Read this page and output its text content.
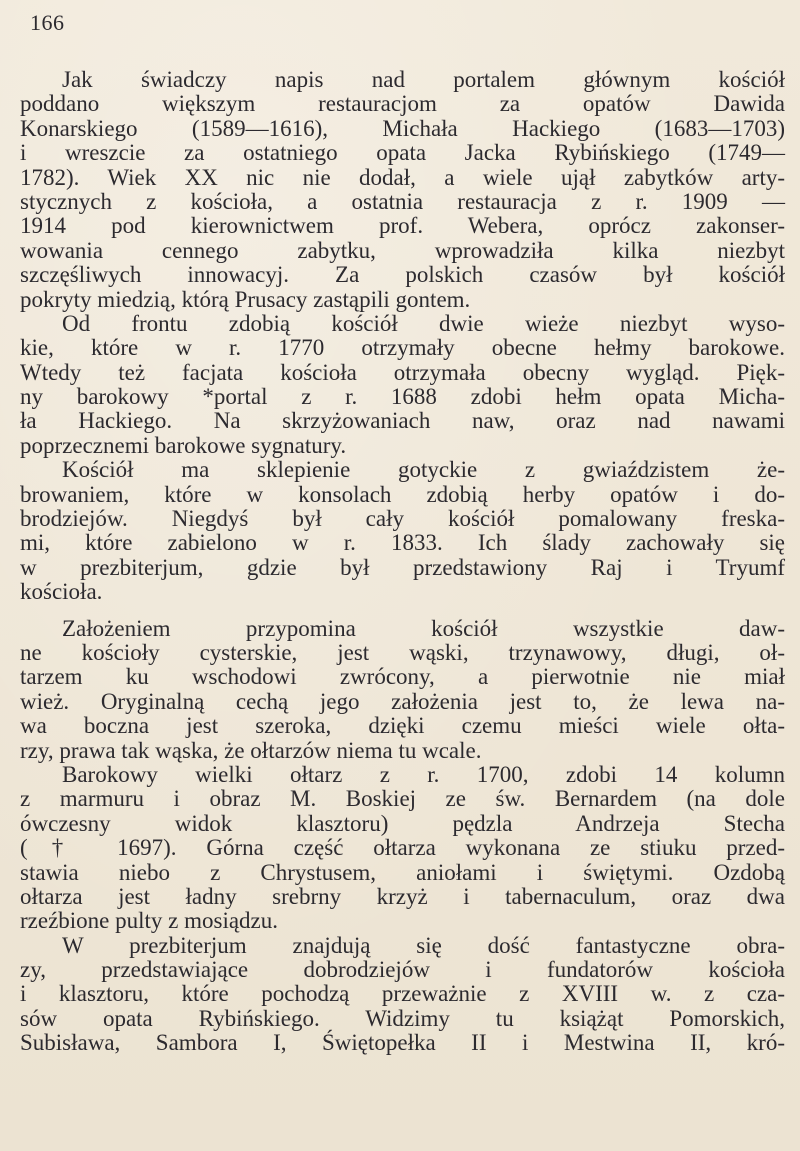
166
Jak świadczy napis nad portalem głównym kościół
poddano większym restauracjom za opatów Dawida
Konarskiego (1589—1616), Michała Hackiego (1683—1703)
i wreszcie za ostatniego opata Jacka Rybińskiego (1749—
1782). Wiek XX nic nie dodał, a wiele ujął zabytków arty-
stycznych z kościoła, a ostatnia restauracja z r. 1909 —
1914 pod kierownictwem prof. Webera, oprócz zakonser-
wowania cennego zabytku, wprowadziła kilka niezbyt
szczęśliwych innowacyj. Za polskich czasów był kościół
pokryty miedzią, którą Prusacy zastąpili gontem.
Od frontu zdobią kościół dwie wieże niezbyt wyso-
kie, które w r. 1770 otrzymały obecne hełmy barokowe.
Wtedy też facjata kościoła otrzymała obecny wygląd. Pięk-
ny barokowy *portal z r. 1688 zdobi hełm opata Micha-
ła Hackiego. Na skrzyżowaniach naw, oraz nad nawami
poprzecznemi barokowe sygnatury.
Kościół ma sklepienie gotyckie z gwiaździstem że-
browaniem, które w konsolach zdobią herby opatów i do-
brodziejów. Niegdyś był cały kościół pomalowany freska-
mi, które zabielono w r. 1833. Ich ślady zachowały się
w prezbiterjum, gdzie był przedstawiony Raj i Tryumf
kościoła.
Założeniem przypomina kościół wszystkie daw-
ne kościoły cysterskie, jest wąski, trzynawowy, długi, oł-
tarzem ku wschodowi zwrócony, a pierwotnie nie miał
wież. Oryginalną cechą jego założenia jest to, że lewa na-
wa boczna jest szeroka, dzięki czemu mieści wiele ołta-
rzy, prawa tak wąska, że ołtarzów niema tu wcale.
Barokowy wielki ołtarz z r. 1700, zdobi 14 kolumn
z marmuru i obraz M. Boskiej ze św. Bernardem (na dole
ówczesny widok klasztoru) pędzla Andrzeja Stecha
(† 1697). Górna część ołtarza wykonana ze stiuku przed-
stawia niebo z Chrystusem, aniołami i świętymi. Ozdobą
ołtarza jest ładny srebrny krzyż i tabernaculum, oraz dwa
rzeźbione pulty z mosiądzu.
W prezbiterjum znajdują się dość fantastyczne obra-
zy, przedstawiające dobrodziejów i fundatorów kościoła
i klasztoru, które pochodzą przeważnie z XVIII w. z cza-
sów opata Rybińskiego. Widzimy tu książąt Pomorskich,
Subisława, Sambora I, Świętopełka II i Mestwina II, kró-
